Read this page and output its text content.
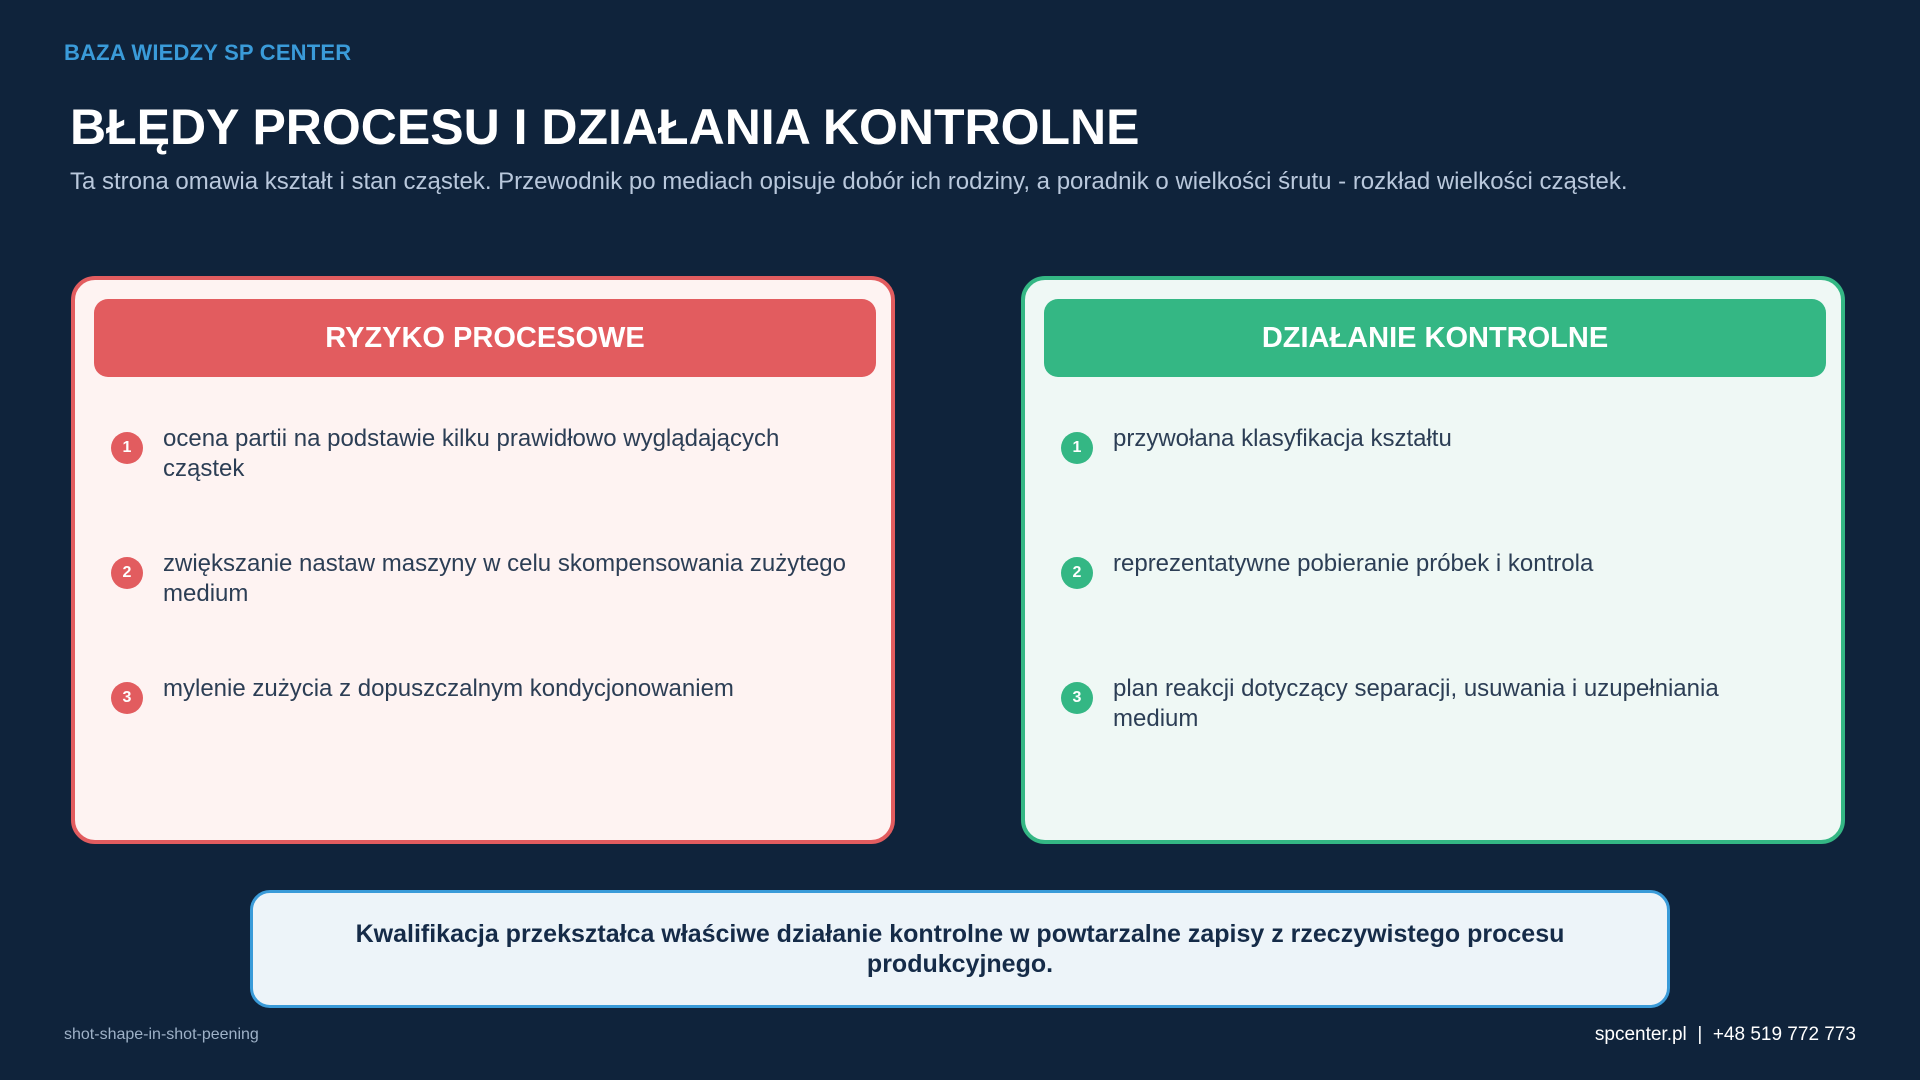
BAZA WIEDZY SP CENTER
BŁĘDY PROCESU I DZIAŁANIA KONTROLNE
Ta strona omawia kształt i stan cząstek. Przewodnik po mediach opisuje dobór ich rodziny, a poradnik o wielkości śrutu - rozkład wielkości cząstek.
RYZYKO PROCESOWE
1	ocena partii na podstawie kilku prawidłowo wyglądających cząstek
2	zwiększanie nastaw maszyny w celu skompensowania zużytego medium
3	mylenie zużycia z dopuszczalnym kondycjonowaniem
DZIAŁANIE KONTROLNE
1	przywołana klasyfikacja kształtu
2	reprezentatywne pobieranie próbek i kontrola
3	plan reakcji dotyczący separacji, usuwania i uzupełniania medium
Kwalifikacja przekształca właściwe działanie kontrolne w powtarzalne zapisy z rzeczywistego procesu produkcyjnego.
shot-shape-in-shot-peening	spcenter.pl  |  +48 519 772 773
